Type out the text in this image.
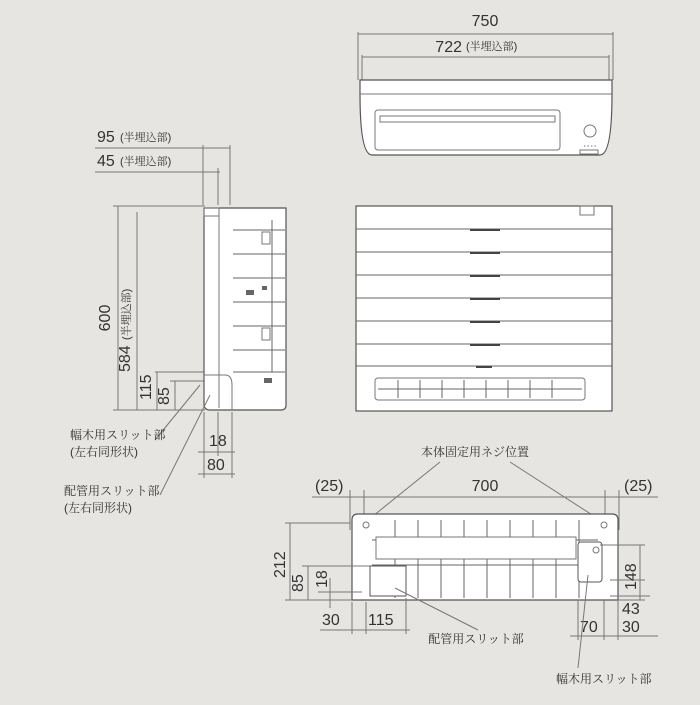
750
722 (半埋込部)
95 (半埋込部)
45 (半埋込部)
600
584
(半埋込部)
115 85
18
80
幅木用スリット部
(左右同形状)
配管用スリット部
(左右同形状)
本体固定用ネジ位置
(25)	700	(25)
212
85 18
30 115
148
43
70 30
配管用スリット部
幅木用スリット部
